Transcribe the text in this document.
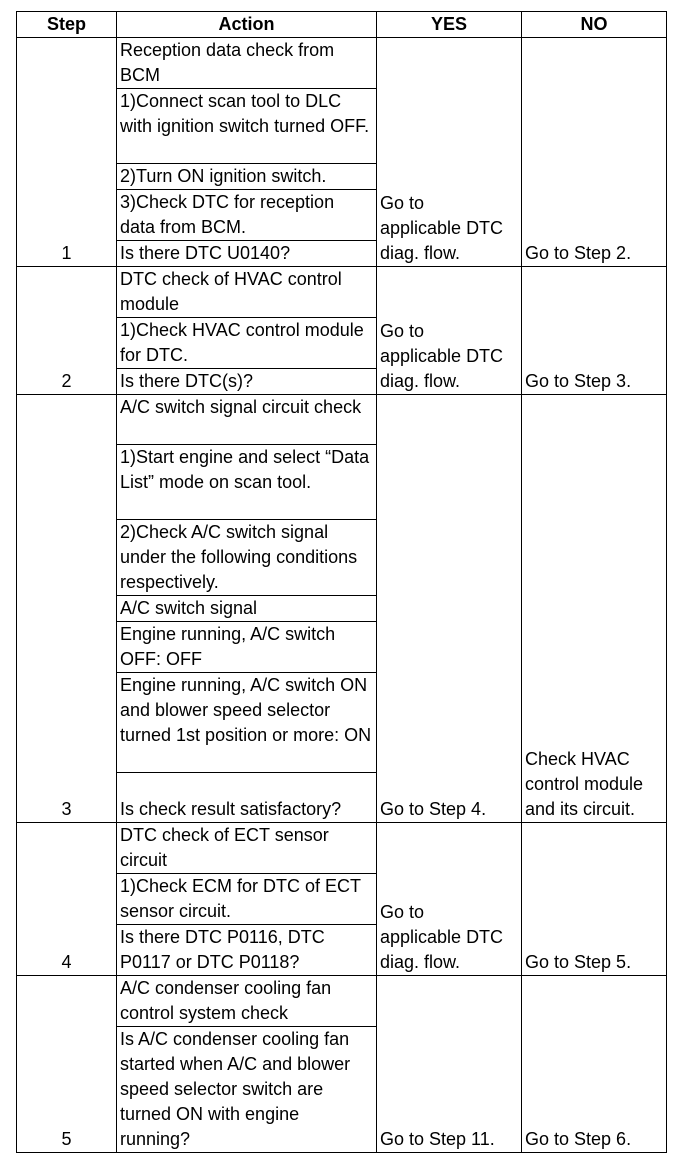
Step	Action	YES	NO
1	Reception data check from BCM	Go to
applicable DTC
diag. flow.	Go to Step 2.
	1)Connect scan tool to DLC with ignition switch turned OFF.		
	2)Turn ON ignition switch.		
	3)Check DTC for reception data from BCM.		
	Is there DTC U0140?		
2	DTC check of HVAC control module	Go to
applicable DTC
diag. flow.	Go to Step 3.
	1)Check HVAC control module for DTC.		
	Is there DTC(s)?		
3	A/C switch signal circuit check	Go to Step 4.	Check HVAC
control module
and its circuit.
	1)Start engine and select “Data List” mode on scan tool.		
	2)Check A/C switch signal under the following conditions respectively.		
	A/C switch signal		
	Engine running, A/C switch OFF: OFF		
	Engine running, A/C switch ON and blower speed selector turned 1st position or more: ON		
	Is check result satisfactory?		
4	DTC check of ECT sensor circuit	Go to
applicable DTC
diag. flow.	Go to Step 5.
	1)Check ECM for DTC of ECT sensor circuit.		
	Is there DTC P0116, DTC P0117 or DTC P0118?		
5	A/C condenser cooling fan control system check	Go to Step 11.	Go to Step 6.
	Is A/C condenser cooling fan started when A/C and blower speed selector switch are turned ON with engine running?		
